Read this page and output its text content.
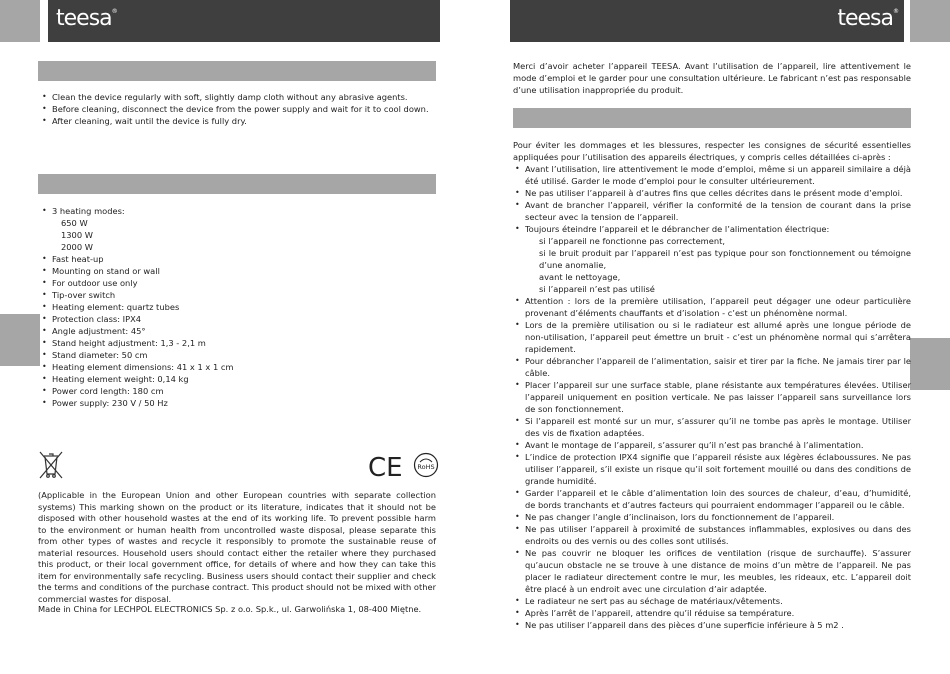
teesa®	teesa®
• Clean the device regularly with soft, slightly damp cloth without any abrasive agents.
• Before cleaning, disconnect the device from the power supply and wait for it to cool down.
• After cleaning, wait until the device is fully dry.
• 3 heating modes:
650 W
1300 W
2000 W
• Fast heat-up
• Mounting on stand or wall
• For outdoor use only
• Tip-over switch
• Heating element: quartz tubes
• Protection class: IPX4
• Angle adjustment: 45°
• Stand height adjustment: 1,3 - 2,1 m
• Stand diameter: 50 cm
• Heating element dimensions: 41 x 1 x 1 cm
• Heating element weight: 0,14 kg
• Power cord length: 180 cm
• Power supply: 230 V / 50 Hz
CE RoHS
(Applicable in the European Union and other European countries with separate collection systems) This marking shown on the product or its literature, indicates that it should not be disposed with other household wastes at the end of its working life. To prevent possible harm to the environment or human health from uncontrolled waste disposal, please separate this from other types of wastes and recycle it responsibly to promote the sustainable reuse of material resources. Household users should contact either the retailer where they purchased this product, or their local government office, for details of where and how they can take this item for environmentally safe recycling. Business users should contact their supplier and check the terms and conditions of the purchase contract. This product should not be mixed with other commercial wastes for disposal.
Made in China for LECHPOL ELECTRONICS Sp. z o.o. Sp.k., ul. Garwolińska 1, 08-400 Miętne.
Merci d’avoir acheter l’appareil TEESA. Avant l’utilisation de l’appareil, lire attentivement le mode d’emploi et le garder pour une consultation ultérieure. Le fabricant n’est pas responsable d’une utilisation inappropriée du produit.
Pour éviter les dommages et les blessures, respecter les consignes de sécurité essentielles appliquées pour l’utilisation des appareils électriques, y compris celles détaillées ci-après :
• Avant l’utilisation, lire attentivement le mode d’emploi, même si un appareil similaire a déjà été utilisé. Garder le mode d’emploi pour le consulter ultérieurement.
• Ne pas utiliser l’appareil à d’autres fins que celles décrites dans le présent mode d’emploi.
• Avant de brancher l’appareil, vérifier la conformité de la tension de courant dans la prise secteur avec la tension de l’appareil.
• Toujours éteindre l’appareil et le débrancher de l’alimentation électrique:
si l’appareil ne fonctionne pas correctement,
si le bruit produit par l’appareil n’est pas typique pour son fonctionnement ou témoigne d’une anomalie,
avant le nettoyage,
si l’appareil n’est pas utilisé
• Attention : lors de la première utilisation, l’appareil peut dégager une odeur particulière provenant d’éléments chauffants et d’isolation - c’est un phénomène normal.
• Lors de la première utilisation ou si le radiateur est allumé après une longue période de non-utilisation, l’appareil peut émettre un bruit - c’est un phénomène normal qui s’arrêtera rapidement.
• Pour débrancher l’appareil de l’alimentation, saisir et tirer par la fiche. Ne jamais tirer par le câble.
• Placer l’appareil sur une surface stable, plane résistante aux températures élevées. Utiliser l’appareil uniquement en position verticale. Ne pas laisser l’appareil sans surveillance lors de son fonctionnement.
• Si l’appareil est monté sur un mur, s’assurer qu’il ne tombe pas après le montage. Utiliser des vis de fixation adaptées.
• Avant le montage de l’appareil, s’assurer qu’il n’est pas branché à l’alimentation.
• L’indice de protection IPX4 signifie que l’appareil résiste aux légères éclaboussures. Ne pas utiliser l’appareil, s’il existe un risque qu’il soit fortement mouillé ou dans des conditions de grande humidité.
• Garder l’appareil et le câble d’alimentation loin des sources de chaleur, d’eau, d’humidité, de bords tranchants et d’autres facteurs qui pourraient endommager l’appareil ou le câble.
• Ne pas changer l’angle d’inclinaison, lors du fonctionnement de l’appareil.
• Ne pas utiliser l’appareil à proximité de substances inflammables, explosives ou dans des endroits ou des vernis ou des colles sont utilisés.
• Ne pas couvrir ne bloquer les orifices de ventilation (risque de surchauffe). S’assurer qu’aucun obstacle ne se trouve à une distance de moins d’un mètre de l’appareil. Ne pas placer le radiateur directement contre le mur, les meubles, les rideaux, etc. L’appareil doit être placé à un endroit avec une circulation d’air adaptée.
• Le radiateur ne sert pas au séchage de matériaux/vêtements.
• Après l’arrêt de l’appareil, attendre qu’il réduise sa température.
• Ne pas utiliser l’appareil dans des pièces d’une superficie inférieure à 5 m2 .
